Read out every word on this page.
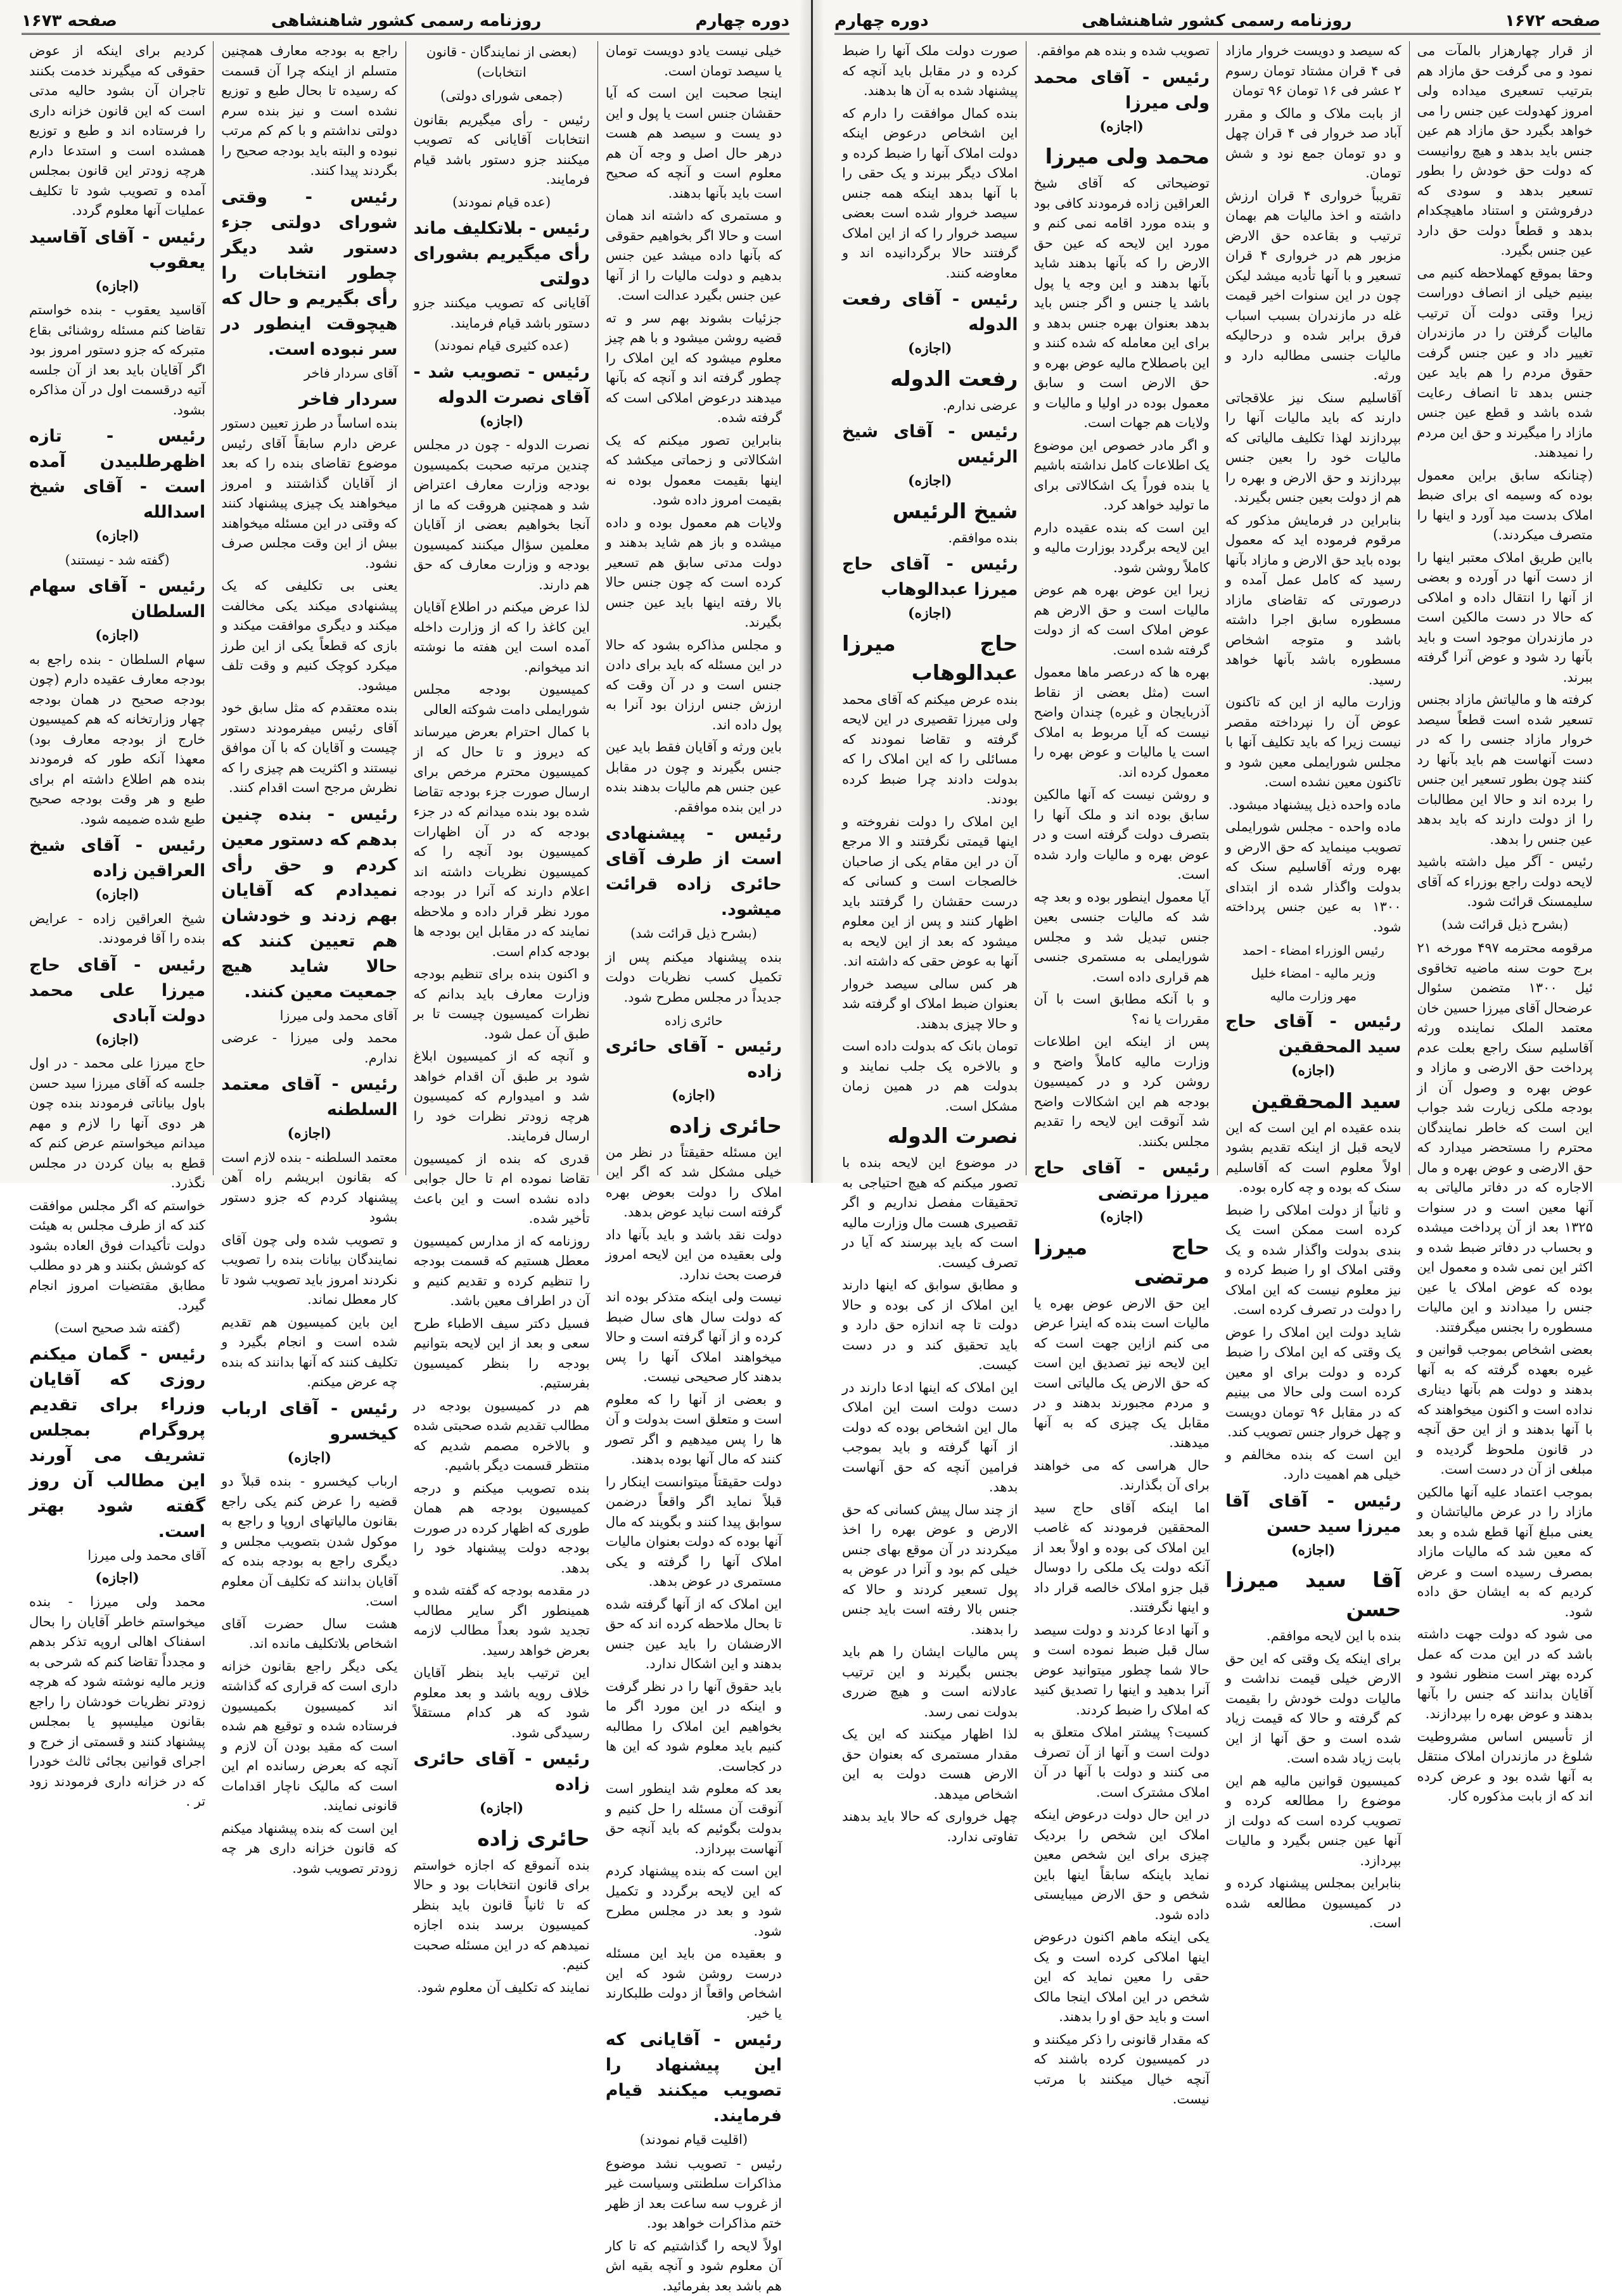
صفحه ۱۶۷۲
روزنامه رسمی کشور شاهنشاهی
دوره چهارم
از قرار چهارهزار بالمآت می نمود و می گرفت حق مازاد هم بترتیب تسعیری میداده ولی امروز کهدولت عین جنس را می خواهد بگیرد حق مازاد هم عین جنس باید بدهد و هیچ روانیست که دولت حق خودش را بطور تسعیر بدهد و سودی که درفروشتن و استناد ماهیچکدام بدهد و قطعاً دولت حق دارد عین جنس بگیرد.
وحقا بموقع کهملاحظه کنیم می بینیم خیلی از انصاف دوراست زیرا وقتی دولت آن ترتیب مالیات گرفتن را در مازندران تغییر داد و عین جنس گرفت حقوق مردم را هم باید عین جنس بدهد تا انصاف رعایت شده باشد و قطع عین جنس مازاد را میگیرند و حق این مردم را نمیدهند.
(چنانکه سابق براین معمول بوده که وسیمه ای برای ضبط املاک بدست مید آورد و اینها را متصرف میکردند.)
بااین طریق املاک معتبر اینها را از دست آنها در آورده و بعضی از آنها را انتقال داده و املاکی که حالا در دست مالکین است در مازندران موجود است و باید بآنها رد شود و عوض آنرا گرفته ببرند.
کرفته ها و مالیاتش مازاد بجنس تسعیر شده است قطعاً سیصد خروار مازاد جنسی را که در دست آنهاست هم باید بآنها رد کنند چون بطور تسعیر این جنس را برده اند و حالا این مطالبات را از دولت دارند که باید بدهد عین جنس را بدهد.
رئیس - آگر میل داشته باشید لایحه دولت راجع بوزراء که آقای سلیمسنک قرائت شود.
(بشرح ذیل قرائت شد)
مرقومه محترمه ۴۹۷ مورخه ۲۱ برج حوت سنه ماضیه تخاقوی ئیل ۱۳۰۰ متضمن سئوال عرضحال آقای میرزا حسین خان معتمد الملک نماینده ورثه آقاسلیم سنک راجع بعلت عدم پرداخت حق الارضی و مازاد و عوض بهره و وصول آن از بودجه ملکی زیارت شد جواب این است که خاطر نمایندگان محترم را مستحضر میدارد که حق الارضی و عوض بهره و مال الاجاره که در دفاتر مالیاتی به آنها معین است و در سنوات ۱۳۲۵ بعد از آن پرداخت میشده و بحساب در دفاتر ضبط شده و اکثر این نمی شده و معمول این بوده که عوض املاک یا عین جنس را میدادند و این مالیات مسطوره را بجنس میگرفتند.
بعضی اشخاص بموجب قوانین و غیره بعهده گرفته که به آنها بدهند و دولت هم بآنها دیناری نداده است و اکنون میخواهند که با آنها بدهند و از این حق آنچه در قانون ملحوظ گردیده و مبلغی از آن در دست است.
بموجب اعتماد علیه آنها مالکین مازاد را در عرض مالیاتشان و یعنی مبلغ آنها قطع شده و بعد که معین شد که مالیات مازاد بمصرف رسیده است و عرض کردیم که به ایشان حق داده شود.
می شود که دولت جهت داشته باشد که در این مدت که عمل کرده بهتر است منظور نشود و آقایان بدانند که جنس را بآنها بدهند و عوض بهره را بپردازند.
از تأسیس اساس مشروطیت شلوغ در مازندران املاک منتقل به آنها شده بود و عرض کرده اند که از بابت مذکوره کار.
که سیصد و دویست خروار مازاد فی ۴ قران مشتاد تومان رسوم ۲ عشر فی ۱۶ تومان ۹۶ تومان
از بابت ملاک و مالک و مقرر آباد صد خروار فی ۴ قران چهل و دو تومان جمع نود و شش تومان.
تقریباً خرواری ۴ قران ارزش داشته و اخذ مالیات هم بهمان ترتیب و بقاعده حق الارض مزبور هم در خرواری ۴ قران تسعیر و با آنها تأدیه میشد لیکن چون در این سنوات اخیر قیمت غله در مازندران بسبب اسباب فرق برابر شده و درحالیکه مالیات جنسی مطالبه دارد و ورثه.
آقاسلیم سنک نیز علاقجاتی دارند که باید مالیات آنها را بپردازند لهذا تکلیف مالیاتی که مالیات خود را بعین جنس بپردازند و حق الارض و بهره را هم از دولت بعین جنس بگیرند.
بنابراین در فرمایش مذکور که مرقوم فرموده اید که معمول بوده باید حق الارض و مازاد بآنها رسید که کامل عمل آمده و درصورتی که تقاضای مازاد مسطوره سابق اجرا داشته باشد و متوجه اشخاص مسطوره باشد بآنها خواهد رسید.
وزارت مالیه از این که تاکنون عوض آن را نپرداخته مقصر نیست زیرا که باید تکلیف آنها با مجلس شورایملی معین شود و تاکنون معین نشده است.
ماده واحده ذیل پیشنهاد میشود.
ماده واحده - مجلس شورایملی تصویب مینماید که حق الارض و بهره ورثه آقاسلیم سنک که بدولت واگذار شده از ابتدای ۱۳۰۰ به عین جنس پرداخته شود.
رئیس الوزراء امضاء - احمد
وزیر مالیه - امضاء خلیل
مهر وزارت مالیه
رئیس - آقای حاج سید المحققین
(اجازه)
سید المحققین
بنده عقیده ام این است که این لایحه قبل از اینکه تقدیم بشود اولاً معلوم است که آقاسلیم سنک که بوده و چه کاره بوده.
و ثانیاً از دولت املاکی را ضبط کرده است ممکن است یک بندی بدولت واگذار شده و یک وقتی املاک او را ضبط کرده و نیز معلوم نیست که این املاک را دولت در تصرف کرده است.
شاید دولت این املاک را عوض یک وقتی که این املاک را ضبط کرده و دولت برای او معین کرده است ولی حالا می بینیم که در مقابل ۹۶ تومان دویست و چهل خروار جنس تصویب کند.
این است که بنده مخالفم و خیلی هم اهمیت دارد.
رئیس - آقای آقا میرزا سید حسن
(اجازه)
آقا سید میرزا حسن
بنده با این لایحه موافقم.
برای اینکه یک وقتی که این حق الارض خیلی قیمت نداشت و مالیات دولت خودش را بقیمت کم گرفته و حالا که قیمت زیاد شده است و حق آنها از این بابت زیاد شده است.
کمیسیون قوانین مالیه هم این موضوع را مطالعه کرده و تصویب کرده است که دولت از آنها عین جنس بگیرد و مالیات بپردازد.
بنابراین بمجلس پیشنهاد کرده و در کمیسیون مطالعه شده است.
تصویب شده و بنده هم موافقم.
رئیس - آقای محمد ولی میرزا
(اجازه)
محمد ولی میرزا
توضیحاتی که آقای شیخ العراقین زاده فرمودند کافی بود و بنده مورد اقامه نمی کنم و مورد این لایحه که عین حق الارض را که بآنها بدهند شاید بآنها بدهند و این وجه یا پول باشد یا جنس و اگر جنس باید بدهد بعنوان بهره جنس بدهد و برای این معامله که شده کنند و این باصطلاح مالیه عوض بهره و حق الارض است و سابق معمول بوده در اولیا و مالیات و ولایات هم جهات است.
و اگر مادر خصوص این موضوع یک اطلاعات کامل نداشته باشیم یا بنده فوراً یک اشکالاتی برای ما تولید خواهد کرد.
این است که بنده عقیده دارم این لایحه برگردد بوزارت مالیه و کاملاً روشن شود.
زیرا این عوض بهره هم عوض مالیات است و حق الارض هم عوض املاک است که از دولت گرفته شده است.
بهره ها که درعصر ماها معمول است (مثل بعضی از نقاط آذربایجان و غیره) چندان واضح نیست که آیا مربوط به املاک است یا مالیات و عوض بهره را معمول کرده اند.
و روشن نیست که آنها مالکین سابق بوده اند و ملک آنها را بتصرف دولت گرفته است و در عوض بهره و مالیات وارد شده است.
آیا معمول اینطور بوده و بعد چه شد که مالیات جنسی بعین جنس تبدیل شد و مجلس شورایملی به مستمری جنسی هم قراری داده است.
و با آنکه مطابق است با آن مقررات یا نه؟
پس از اینکه این اطلاعات وزارت مالیه کاملاً واضح و روشن کرد و در کمیسیون بودجه هم این اشکالات واضح شد آنوقت این لایحه را تقدیم مجلس بکنند.
رئیس - آقای حاج میرزا مرتضی
(اجازه)
حاج میرزا مرتضی
این حق الارض عوض بهره یا مالیات است بنده که اینرا عرض می کنم ازاین جهت است که این لایحه نیز تصدیق این است که حق الارض یک مالیاتی است و مردم مجبورند بدهند و در مقابل یک چیزی که به آنها میدهند.
حال هراسی که می خواهند برای آن بگذارند.
اما اینکه آقای حاج سید المحققین فرمودند که غاصب این املاک کی بوده و اولاً بعد از آنکه دولت یک ملکی را دوسال قبل جزو املاک خالصه قرار داد و اینها نگرفتند.
و آنها ادعا کردند و دولت سیصد سال قبل ضبط نموده است و حالا شما چطور میتوانید عوض آنرا بدهید و اینها را تصدیق کنید که املاک را ضبط کردند.
کسیت؟ پیشتر املاک متعلق به دولت است و آنها از آن تصرف می کنند و دولت با آنها در آن املاک مشترک است.
در این حال دولت درعوض اینکه املاک این شخص را بردیک چیزی برای این شخص معین نماید باینکه سابقاً اینها باین شخص و حق الارض میبایستی داده شود.
یکی اینکه ماهم اکنون درعوض اینها املاکی کرده است و یک حقی را معین نماید که این شخص در این املاک اینجا مالک است و باید حق او را بدهند.
که مقدار قانونی را ذکر میکنند و در کمیسیون کرده باشند که آنچه خیال میکنند با مرتب نیست.
صورت دولت ملک آنها را ضبط کرده و در مقابل باید آنچه که پیشنهاد شده به آن ها بدهند.
بنده کمال موافقت را دارم که این اشخاص درعوض اینکه دولت املاک آنها را ضبط کرده و املاک دیگر ببرند و یک حقی را با آنها بدهد اینکه همه جنس سیصد خروار شده است بعضی سیصد خروار را که از این املاک گرفتند حالا برگردانیده اند و معاوضه کنند.
رئیس - آقای رفعت الدوله
(اجازه)
رفعت الدوله
عرضی ندارم.
رئیس - آقای شیخ الرئیس
(اجازه)
شیخ الرئیس
بنده موافقم.
رئیس - آقای حاج میرزا عبدالوهاب
(اجازه)
حاج میرزا عبدالوهاب
بنده عرض میکنم که آقای محمد ولی میرزا تقصیری در این لایحه گرفته و تقاضا نمودند که مسائلی را که این املاک را که بدولت دادند چرا ضبط کرده بودند.
این املاک را دولت نفروخته و اینها قیمتی نگرفتند و الا مرجع آن در این مقام یکی از صاحبان خالصجات است و کسانی که درست حقشان را گرفتند باید اظهار کنند و پس از این معلوم میشود که بعد از این لایحه به آنها به عوض حقی که داشته اند.
هر کس سالی سیصد خروار بعنوان ضبط املاک او گرفته شد و حالا چیزی بدهند.
تومان بانک که بدولت داده است و بالاخره یک جلب نمایند و بدولت هم در همین زمان مشکل است.
نصرت الدوله
در موضوع این لایحه بنده با تصور میکنم که هیچ احتیاجی به تحقیقات مفصل نداریم و اگر تقصیری هست مال وزارت مالیه است که باید بپرسند که آیا در تصرف کیست.
و مطابق سوابق که اینها دارند این املاک از کی بوده و حالا دولت تا چه اندازه حق دارد و باید تحقیق کند و در دست کیست.
این املاک که اینها ادعا دارند در دست دولت است این املاک مال این اشخاص بوده که دولت از آنها گرفته و باید بموجب فرامین آنچه که حق آنهاست بدهد.
از چند سال پیش کسانی که حق الارض و عوض بهره را اخذ میکردند در آن موقع بهای جنس خیلی کم بود و آنرا در عوض به پول تسعیر کردند و حالا که جنس بالا رفته است باید جنس را بدهند.
پس مالیات ایشان را هم باید بجنس بگیرند و این ترتیب عادلانه است و هیچ ضرری بدولت نمی رسد.
لذا اظهار میکنند که این یک مقدار مستمری که بعنوان حق الارض هست دولت به این اشخاص میدهد.
چهل خرواری که حالا باید بدهند تفاوتی ندارد.
دوره چهارم
روزنامه رسمی کشور شاهنشاهی
صفحه ۱۶۷۳
خیلی نیست یادو دویست تومان یا سیصد تومان است.
اینجا صحبت این است که آیا حقشان جنس است یا پول و این دو یست و سیصد هم هست درهر حال اصل و وجه آن هم معلوم است و آنچه که صحیح است باید بآنها بدهند.
و مستمری که داشته اند همان است و حالا اگر بخواهیم حقوقی که بآنها داده میشد عین جنس بدهیم و دولت مالیات را از آنها عین جنس بگیرد عدالت است.
جزئیات بشوند بهم سر و ته قضیه روشن میشود و با هم چیز معلوم میشود که این املاک را چطور گرفته اند و آنچه که بآنها میدهند درعوض املاکی است که گرفته شده.
بنابراین تصور میکنم که یک اشکالاتی و زحماتی میکشد که اینها بقیمت معمول بوده نه بقیمت امروز داده شود.
ولایات هم معمول بوده و داده میشده و باز هم شاید بدهند و دولت مدتی سابق هم تسعیر کرده است که چون جنس حالا بالا رفته اینها باید عین جنس بگیرند.
و مجلس مذاکره بشود که حالا در این مسئله که باید برای دادن جنس است و در آن وقت که ارزش جنس ارزان بود آنرا به پول داده اند.
باین ورثه و آقایان فقط باید عین جنس بگیرند و چون در مقابل عین جنس هم مالیات بدهند بنده در این بنده موافقم.
رئیس - پیشنهادی است از طرف آقای حائری زاده قرائت میشود.
(بشرح ذیل قرائت شد)
بنده پیشنهاد میکنم پس از تکمیل کسب نظریات دولت جدیداً در مجلس مطرح شود.
حائری زاده
رئیس - آقای حائری زاده
(اجازه)
حائری زاده
این مسئله حقیقتاً در نظر من خیلی مشکل شد که اگر این املاک را دولت بعوض بهره گرفته است نباید عوض بدهد.
دولت نقد باشد و باید بآنها داد ولی بعقیده من این لایحه امروز فرصت بحث ندارد.
نیست ولی اینکه متذکر بوده اند که دولت سال های سال ضبط کرده و از آنها گرفته است و حالا میخواهند املاک آنها را پس بدهند کار صحیحی نیست.
و بعضی از آنها را که معلوم است و متعلق است بدولت و آن ها را پس میدهیم و اگر تصور کنند که مال آنها بوده بدهند.
دولت حقیقتاً میتوانست اینکار را قبلاً نماید اگر واقعاً درضمن سوابق پیدا کنند و بگویند که مال آنها بوده که دولت بعنوان مالیات املاک آنها را گرفته و یکی مستمری در عوض بدهد.
این املاک که از آنها گرفته شده تا بحال ملاحظه کرده اند که حق الارضشان را باید عین جنس بدهند و این اشکال ندارد.
باید حقوق آنها را در نظر گرفت و اینکه در این مورد اگر ما بخواهیم این املاک را مطالبه کنیم باید معلوم شود که این ها در کجاست.
بعد که معلوم شد اینطور است آنوقت آن مسئله را حل کنیم و بدولت بگوئیم که باید آنچه حق آنهاست بپردازد.
این است که بنده پیشنهاد کردم که این لایحه برگردد و تکمیل شود و بعد در مجلس مطرح شود.
و بعقیده من باید این مسئله درست روشن شود که این اشخاص واقعاً از دولت طلبکارند یا خیر.
رئیس - آقایانی که این پیشنهاد را تصویب میکنند قیام فرمایند.
(اقلیت قیام نمودند)
رئیس - تصویب نشد موضوع مذاکرات سلطنتی وسیاست غیر از غروب سه ساعت بعد از ظهر ختم مذاکرات خواهد بود.
اولاً لایحه را گذاشتیم که تا کار آن معلوم شود و آنچه بقیه اش هم باشد بعد بفرمائید.
(بعضی از نمایندگان - قانون انتخابات)
(جمعی شورای دولتی)
رئیس - رأی میگیریم بقانون انتخابات آقایانی که تصویب میکنند جزو دستور باشد قیام فرمایند.
(عده قیام نمودند)
رئیس - بلاتکلیف ماند رأی میگیریم بشورای دولتی
آقایانی که تصویب میکنند جزو دستور باشد قیام فرمایند.
(عده کثیری قیام نمودند)
رئیس - تصویب شد - آقای نصرت الدوله
(اجازه)
نصرت الدوله - چون در مجلس چندین مرتبه صحبت بکمیسیون بودجه وزارت معارف اعتراض شد و همچنین هروقت که ما از آنجا بخواهیم بعضی از آقایان معلمین سؤال میکنند کمیسیون بودجه و وزارت معارف که حق هم دارند.
لذا عرض میکنم در اطلاع آقایان این کاغذ را که از وزارت داخله آمده است این هفته ما نوشته اند میخوانم.
کمیسیون بودجه مجلس شورایملی دامت شوکته العالی
با کمال احترام بعرض میرساند که دیروز و تا حال که از کمیسیون محترم مرخص برای ارسال صورت جزء بودجه تقاضا شده بود بنده میدانم که در جزء بودجه که در آن اظهارات کمیسیون بود آنچه را که کمیسیون نظریات داشته اند اعلام دارند که آنرا در بودجه مورد نظر قرار داده و ملاحظه نمایند که در مقابل این بودجه ها بودجه کدام است.
و اکنون بنده برای تنظیم بودجه وزارت معارف باید بدانم که نظرات کمیسیون چیست تا بر طبق آن عمل شود.
و آنچه که از کمیسیون ابلاغ شود بر طبق آن اقدام خواهد شد و امیدوارم که کمیسیون هرچه زودتر نظرات خود را ارسال فرمایند.
قدری که بنده از کمیسیون تقاضا نموده ام تا حال جوابی داده نشده است و این باعث تأخیر شده.
روزنامه که از مدارس کمیسیون معطل هستیم که قسمت بودجه را تنظیم کرده و تقدیم کنیم و آن در اطراف معین باشد.
فسیل دکتر سیف الاطباء طرح سعی و بعد از این لایحه بتوانیم بودجه را بنظر کمیسیون بفرستیم.
هم در کمیسیون بودجه در مطالب تقدیم شده صحبتی شده و بالاخره مصمم شدیم که منتظر قسمت دیگر باشیم.
بنده تصویب میکنم و درجه کمیسیون بودجه هم همان طوری که اظهار کرده در صورت بودجه دولت پیشنهاد خود را بدهد.
در مقدمه بودجه که گفته شده و همینطور اگر سایر مطالب تجدید شود بعداً مطالب لازمه بعرض خواهد رسید.
این ترتیب باید بنظر آقایان خلاف رویه باشد و بعد معلوم شود که هر کدام مستقلاً رسیدگی شود.
رئیس - آقای حائری زاده
(اجازه)
حائری زاده
بنده آنموقع که اجازه خواستم برای قانون انتخابات بود و حالا که تا ثانیاً قانون باید بنظر کمیسیون برسد بنده اجازه نمیدهم که در این مسئله صحبت کنیم.
نمایند که تکلیف آن معلوم شود.
راجع به بودجه معارف همچنین متسلم از اینکه چرا آن قسمت که رسیده تا بحال طبع و توزیع نشده است و نیز بنده سرم دولتی نداشتم و با کم کم مرتب نبوده و البته باید بودجه صحیح را بگردند پیدا کنند.
رئیس - وقتی شورای دولتی جزء دستور شد دیگر چطور انتخابات را رأی بگیریم و حال که هیچوقت اینطور در سر نبوده است.
آقای سردار فاخر
سردار فاخر
بنده اساساً در طرز تعیین دستور عرض دارم سابقاً آقای رئیس موضوع تقاضای بنده را که بعد از آقایان گذاشتند و امروز میخواهند یک چیزی پیشنهاد کنند که وقتی در این مسئله میخواهند بیش از این وقت مجلس صرف نشود.
یعنی بی تکلیفی که یک پیشنهادی میکند یکی مخالفت میکند و دیگری موافقت میکند و بازی که قطعاً یکی از این طرز میکرد کوچک کنیم و وقت تلف میشود.
بنده معتقدم که مثل سابق خود آقای رئیس میفرمودند دستور چیست و آقایان که با آن موافق نیستند و اکثریت هم چیزی را که نظرش مرجح است اقدام کنند.
رئیس - بنده چنین بدهم که دستور معین کردم و حق رأی نمیدادم که آقایان بهم زدند و خودشان هم تعیین کنند که حالا شاید هیچ جمعیت معین کنند.
آقای محمد ولی میرزا
محمد ولی میرزا - عرضی ندارم.
رئیس - آقای معتمد السلطنه
(اجازه)
معتمد السلطنه - بنده لازم است که بقانون ابریشم راه آهن پیشنهاد کردم که جزو دستور بشود
و تصویب شده ولی چون آقای نمایندگان بیانات بنده را تصویب نکردند امروز باید تصویب شود تا کار معطل نماند.
این باین کمیسیون هم تقدیم شده است و انجام بگیرد و تکلیف کنند که آنها بدانند که بنده چه عرض میکنم.
رئیس - آقای ارباب کیخسرو
(اجازه)
ارباب کیخسرو - بنده قبلاً دو قضیه را عرض کنم یکی راجع بقانون مالیاتهای اروپا و راجع به موکول شدن بتصویب مجلس و دیگری راجع به بودجه بنده که آقایان بدانند که تکلیف آن معلوم است.
هشت سال حضرت آقای اشخاص بلاتکلیف مانده اند.
یکی دیگر راجع بقانون خزانه داری است که قراری که گذاشته اند کمیسیون بکمیسیون فرستاده شده و توقیع هم شده است که مقید بودن آن لازم و آنچه که بعرض رسانده ام این است که مالیک ناچار اقدامات قانونی نمایند.
این است که بنده پیشنهاد میکنم که قانون خزانه داری هر چه زودتر تصویب شود.
کردیم برای اینکه از عوض حقوقی که میگیرند خدمت بکنند تاجران آن بشود حالیه مدتی است که این قانون خزانه داری را فرستاده اند و طبع و توزیع همشده است و استدعا دارم هرچه زودتر این قانون بمجلس آمده و تصویب شود تا تکلیف عملیات آنها معلوم گردد.
رئیس - آقای آقاسید یعقوب
(اجازه)
آقاسید یعقوب - بنده خواستم تقاضا کنم مسئله روشنائی بقاع متبرکه که جزو دستور امروز بود اگر آقایان باید بعد از آن جلسه آتیه درقسمت اول در آن مذاکره بشود.
رئیس - تازه اظهرطلبیدن آمده است - آقای شیخ اسدالله
(اجازه)
(گفته شد - نیستند)
رئیس - آقای سهام السلطان
(اجازه)
سهام السلطان - بنده راجع به بودجه معارف عقیده دارم (چون بودجه صحیح در همان بودجه چهار وزارتخانه که هم کمیسیون خارج از بودجه معارف بود) معهذا آنکه طور که فرمودند بنده هم اطلاع داشته ام برای طبع و هر وقت بودجه صحیح طبع شده ضمیمه شود.
رئیس - آقای شیخ العراقین زاده
(اجازه)
شیخ العراقین زاده - عرایض بنده را آقا فرمودند.
رئیس - آقای حاج میرزا علی محمد دولت آبادی
(اجازه)
حاج میرزا علی محمد - در اول جلسه که آقای میرزا سید حسن باول بیاناتی فرمودند بنده چون هر دوی آنها را لازم و مهم میدانم میخواستم عرض کنم که قطع به بیان کردن در مجلس نگذرد.
خواستم که اگر مجلس موافقت کند که از طرف مجلس به هیئت دولت تأکیدات فوق العاده بشود که کوشش بکنند و هر دو مطلب مطابق مقتضیات امروز انجام گیرد.
(گفته شد صحیح است)
رئیس - گمان میکنم روزی که آقایان وزراء برای تقدیم پروگرام بمجلس تشریف می آورند این مطالب آن روز گفته شود بهتر است.
آقای محمد ولی میرزا
(اجازه)
محمد ولی میرزا - بنده میخواستم خاطر آقایان را بحال اسفناک اهالی اروپه تذکر بدهم و مجدداً تقاضا کنم که شرحی به وزیر مالیه نوشته شود که هرچه زودتر نظریات خودشان را راجع بقانون میلیسپو یا بمجلس پیشنهاد کنند و قسمتی از خرج و اجرای قوانین بجائی ثالث خودرا که در خزانه داری فرمودند زود تر .
